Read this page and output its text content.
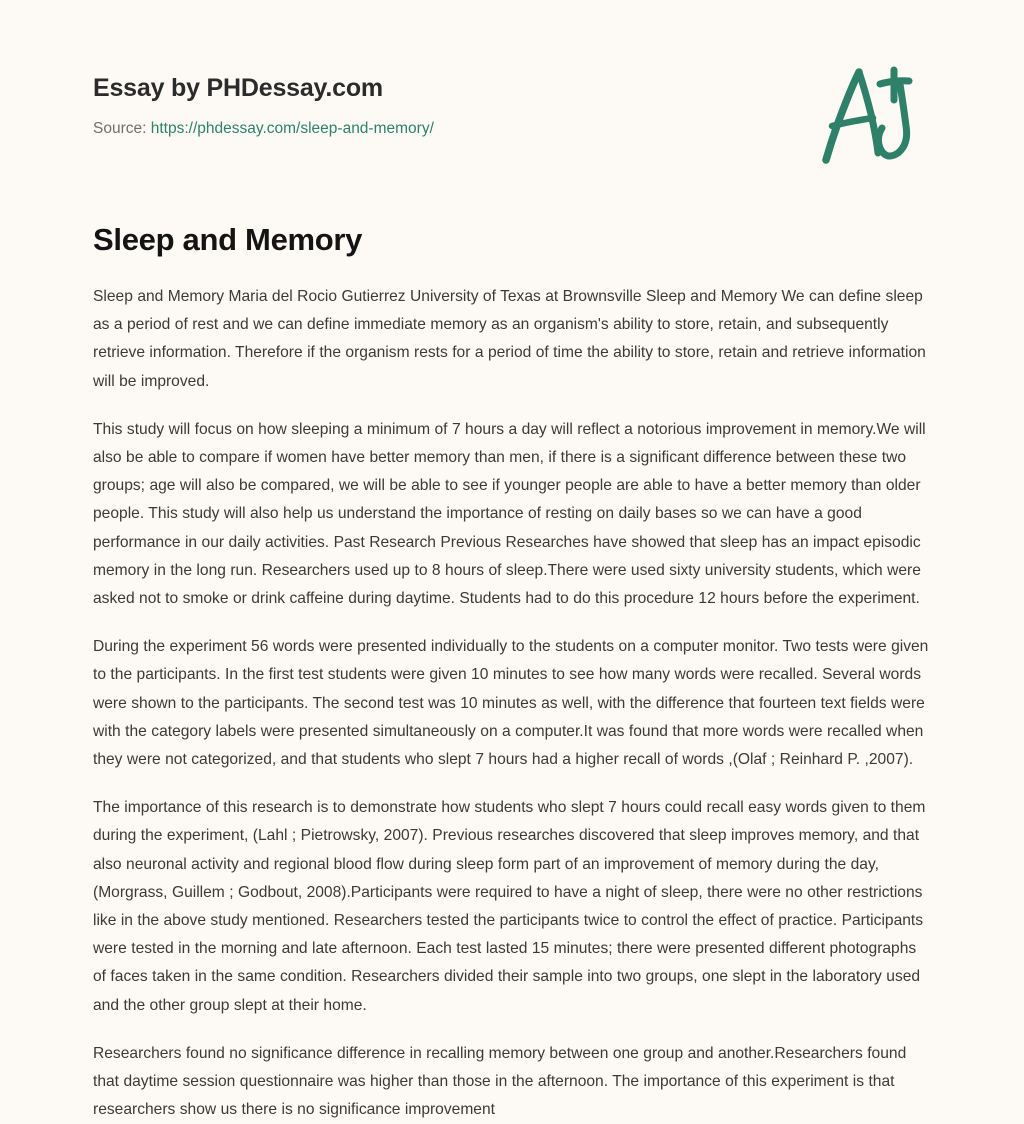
Essay by PHDessay.com
Source: https://phdessay.com/sleep-and-memory/
Sleep and Memory

Sleep and Memory Maria del Rocio Gutierrez University of Texas at Brownsville Sleep and Memory We can define sleep as a period of rest and we can define immediate memory as an organism's ability to store, retain, and subsequently retrieve information. Therefore if the organism rests for a period of time the ability to store, retain and retrieve information will be improved.

This study will focus on how sleeping a minimum of 7 hours a day will reflect a notorious improvement in memory.We will also be able to compare if women have better memory than men, if there is a significant difference between these two groups; age will also be compared, we will be able to see if younger people are able to have a better memory than older people. This study will also help us understand the importance of resting on daily bases so we can have a good performance in our daily activities. Past Research Previous Researches have showed that sleep has an impact episodic memory in the long run. Researchers used up to 8 hours of sleep.There were used sixty university students, which were asked not to smoke or drink caffeine during daytime. Students had to do this procedure 12 hours before the experiment.

During the experiment 56 words were presented individually to the students on a computer monitor. Two tests were given to the participants. In the first test students were given 10 minutes to see how many words were recalled. Several words were shown to the participants. The second test was 10 minutes as well, with the difference that fourteen text fields were with the category labels were presented simultaneously on a computer.It was found that more words were recalled when they were not categorized, and that students who slept 7 hours had a higher recall of words ,(Olaf ; Reinhard P. ,2007).

The importance of this research is to demonstrate how students who slept 7 hours could recall easy words given to them during the experiment, (Lahl ; Pietrowsky, 2007). Previous researches discovered that sleep improves memory, and that also neuronal activity and regional blood flow during sleep form part of an improvement of memory during the day, (Morgrass, Guillem ; Godbout, 2008).Participants were required to have a night of sleep, there were no other restrictions like in the above study mentioned. Researchers tested the participants twice to control the effect of practice. Participants were tested in the morning and late afternoon. Each test lasted 15 minutes; there were presented different photographs of faces taken in the same condition. Researchers divided their sample into two groups, one slept in the laboratory used and the other group slept at their home.

Researchers found no significance difference in recalling memory between one group and another.Researchers found that daytime session questionnaire was higher than those in the afternoon. The importance of this experiment is that researchers show us there is no significance improvement
